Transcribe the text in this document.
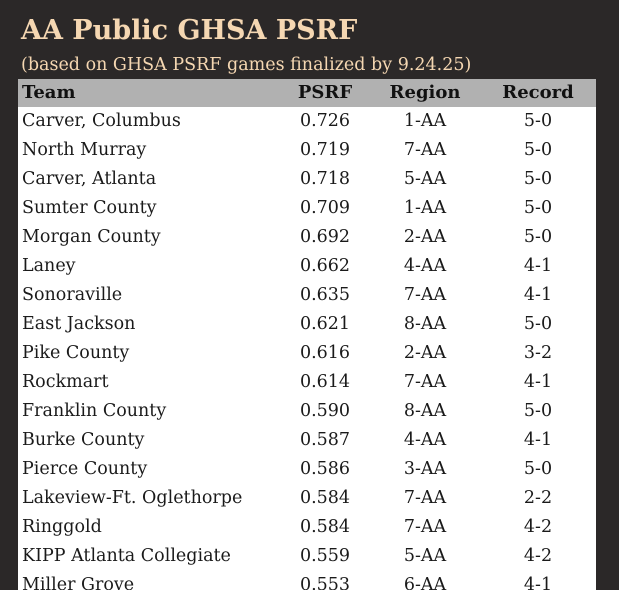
AA Public GHSA PSRF

(based on GHSA PSRF games finalized by 9.24.25)

Team	PSRF	Region	Record
Carver, Columbus	0.726	1-AA	5-0
North Murray	0.719	7-AA	5-0
Carver, Atlanta	0.718	5-AA	5-0
Sumter County	0.709	1-AA	5-0
Morgan County	0.692	2-AA	5-0
Laney	0.662	4-AA	4-1
Sonoraville	0.635	7-AA	4-1
East Jackson	0.621	8-AA	5-0
Pike County	0.616	2-AA	3-2
Rockmart	0.614	7-AA	4-1
Franklin County	0.590	8-AA	5-0
Burke County	0.587	4-AA	4-1
Pierce County	0.586	3-AA	5-0
Lakeview-Ft. Oglethorpe	0.584	7-AA	2-2
Ringgold	0.584	7-AA	4-2
KIPP Atlanta Collegiate	0.559	5-AA	4-2
Miller Grove	0.553	6-AA	4-1
